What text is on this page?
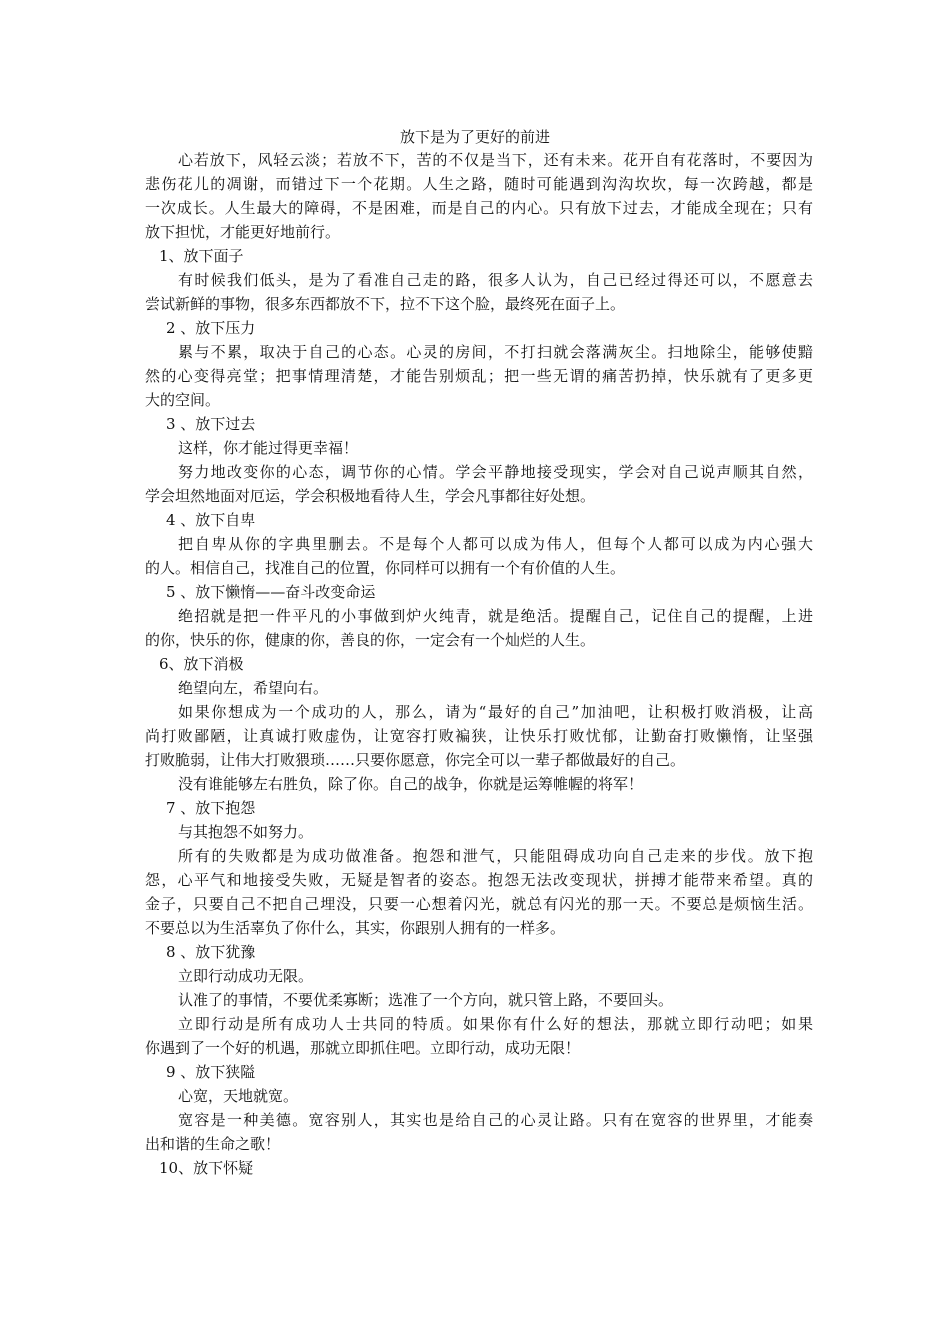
放下是为了更好的前进
心若放下，风轻云淡；若放不下，苦的不仅是当下，还有未来。花开自有花落时，不要因为
悲伤花儿的凋谢，而错过下一个花期。人生之路，随时可能遇到沟沟坎坎，每一次跨越，都是
一次成长。人生最大的障碍，不是困难，而是自己的内心。只有放下过去，才能成全现在；只有
放下担忧，才能更好地前行。
1、放下面子
有时候我们低头，是为了看准自己走的路，很多人认为，自己已经过得还可以，不愿意去
尝试新鲜的事物，很多东西都放不下，拉不下这个脸，最终死在面子上。
2 、放下压力
累与不累，取决于自己的心态。心灵的房间，不打扫就会落满灰尘。扫地除尘，能够使黯
然的心变得亮堂；把事情理清楚，才能告别烦乱；把一些无谓的痛苦扔掉，快乐就有了更多更
大的空间。
3 、放下过去
这样，你才能过得更幸福！
努力地改变你的心态，调节你的心情。学会平静地接受现实，学会对自己说声顺其自然，
学会坦然地面对厄运，学会积极地看待人生，学会凡事都往好处想。
4 、放下自卑
把自卑从你的字典里删去。不是每个人都可以成为伟人，但每个人都可以成为内心强大
的人。相信自己，找准自己的位置，你同样可以拥有一个有价值的人生。
5 、放下懒惰——奋斗改变命运
绝招就是把一件平凡的小事做到炉火纯青，就是绝活。提醒自己，记住自己的提醒，上进
的你，快乐的你，健康的你，善良的你，一定会有一个灿烂的人生。
6、放下消极
绝望向左，希望向右。
如果你想成为一个成功的人，那么，请为“最好的自己”加油吧，让积极打败消极，让高
尚打败鄙陋，让真诚打败虚伪，让宽容打败褊狭，让快乐打败忧郁，让勤奋打败懒惰，让坚强
打败脆弱，让伟大打败猥琐……只要你愿意，你完全可以一辈子都做最好的自己。
没有谁能够左右胜负，除了你。自己的战争，你就是运筹帷幄的将军！
7 、放下抱怨
与其抱怨不如努力。
所有的失败都是为成功做准备。抱怨和泄气，只能阻碍成功向自己走来的步伐。放下抱
怨，心平气和地接受失败，无疑是智者的姿态。抱怨无法改变现状，拼搏才能带来希望。真的
金子，只要自己不把自己埋没，只要一心想着闪光，就总有闪光的那一天。不要总是烦恼生活。
不要总以为生活辜负了你什么，其实，你跟别人拥有的一样多。
8 、放下犹豫
立即行动成功无限。
认准了的事情，不要优柔寡断；选准了一个方向，就只管上路，不要回头。
立即行动是所有成功人士共同的特质。如果你有什么好的想法，那就立即行动吧；如果
你遇到了一个好的机遇，那就立即抓住吧。立即行动，成功无限！
9 、放下狭隘
心宽，天地就宽。
宽容是一种美德。宽容别人，其实也是给自己的心灵让路。只有在宽容的世界里，才能奏
出和谐的生命之歌！
10、放下怀疑
